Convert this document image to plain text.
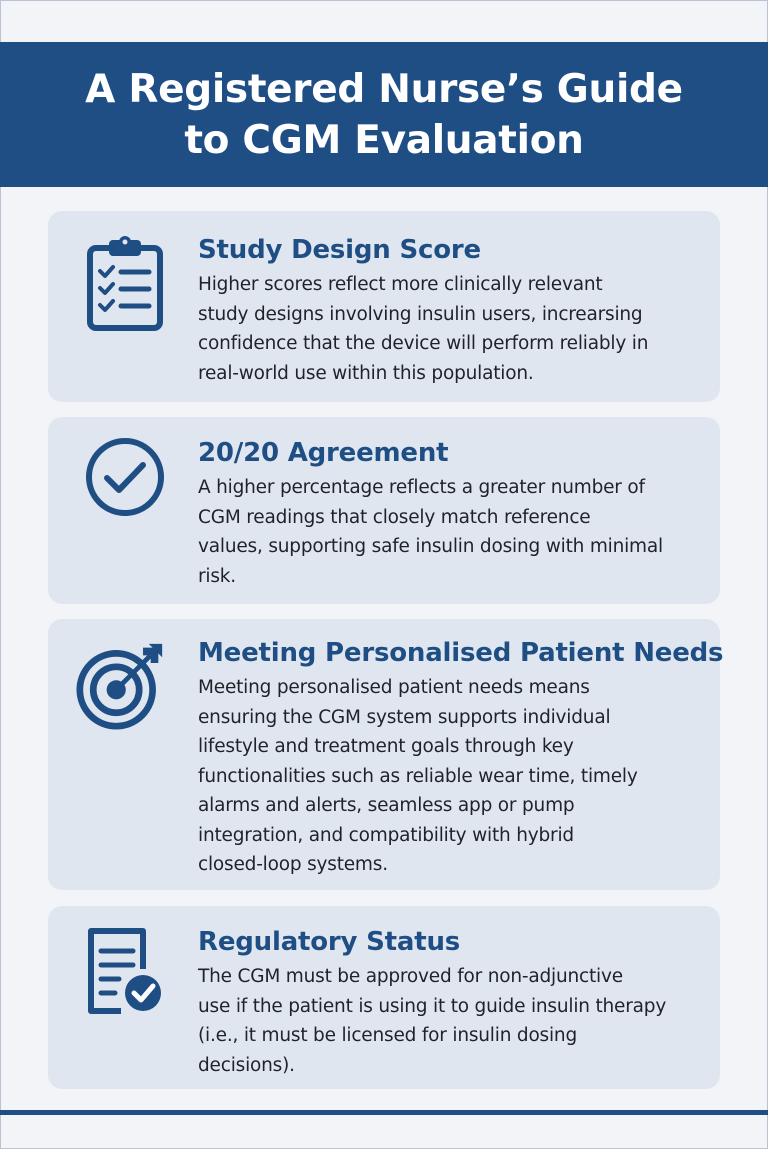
A Registered Nurse’s Guide
to CGM Evaluation
Study Design Score

Higher scores reflect more clinically relevant
study designs involving insulin users, increarsing
confidence that the device will perform reliably in
real-world use within this population.

20/20 Agreement

A higher percentage reflects a greater number of
CGM readings that closely match reference
values, supporting safe insulin dosing with minimal
risk.

Meeting Personalised Patient Needs

Meeting personalised patient needs means
ensuring the CGM system supports individual
lifestyle and treatment goals through key
functionalities such as reliable wear time, timely
alarms and alerts, seamless app or pump
integration, and compatibility with hybrid
closed-loop systems.

Regulatory Status

The CGM must be approved for non-adjunctive
use if the patient is using it to guide insulin therapy
(i.e., it must be licensed for insulin dosing
decisions).
